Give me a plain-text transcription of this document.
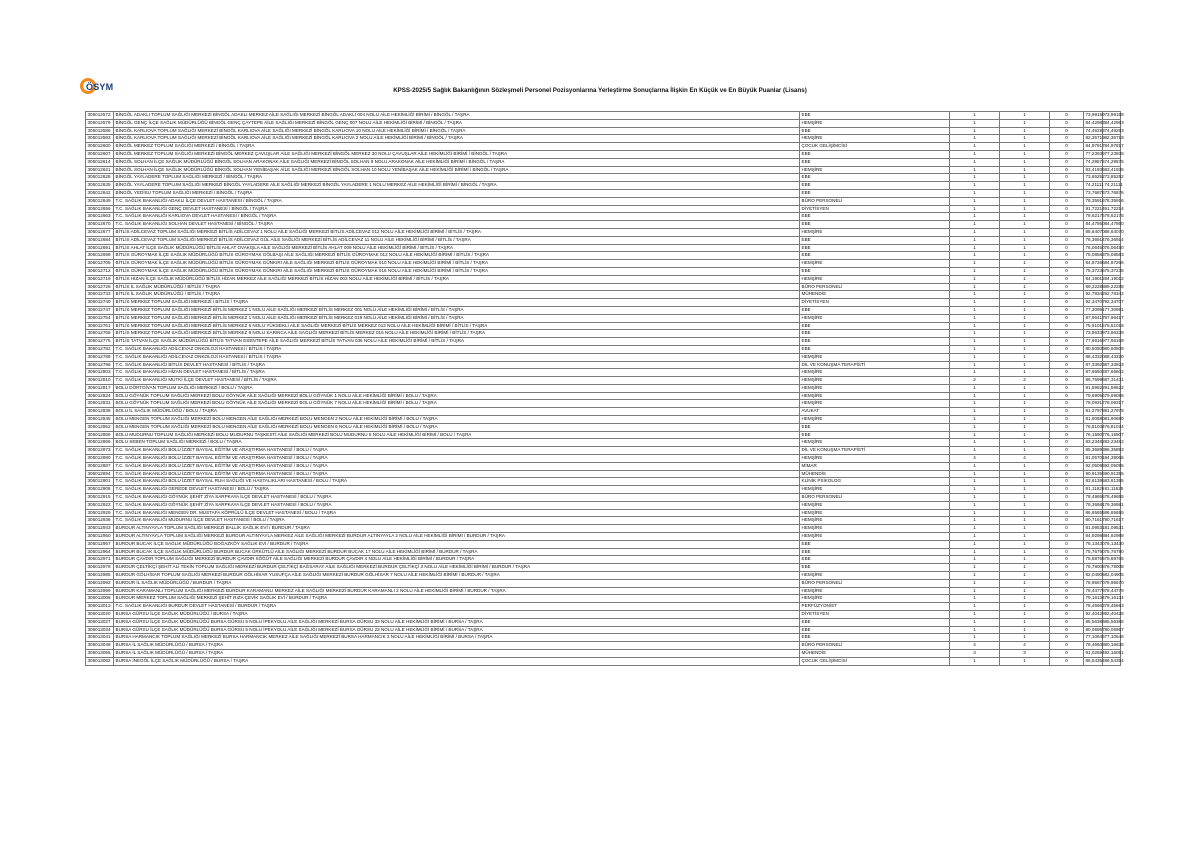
ÖSYM	KPSS-2025/5 Sağlık Bakanlığının Sözleşmeli Personel Pozisyonlarına Yerleştirme Sonuçlarına İlişkin En Küçük ve En Büyük Puanlar (Lisans)
305012572	BİNGÖL ADAKLI TOPLUM SAĞLIĞI MERKEZİ BİNGÖL ADAKLI MERKEZ AİLE SAĞLIĞI MERKEZİ BİNGÖL ADAKLI 004 NOLU AİLE HEKİMLİĞİ BİRİMİ / BİNGÖL / TAŞRA	EBE	1	1	0	73,99159	73,99159
305012579	BİNGÖL GENÇ İLÇE SAĞLIK MÜDÜRLÜĞÜ BİNGÖL GENÇ ÇAYTEPE AİLE SAĞLIĞI MERKEZİ BİNGÖL GENÇ 007 NOLU AİLE HEKİMLİĞİ BİRİMİ / BİNGÖL / TAŞRA	HEMŞİRE	1	1	0	84,42983	84,42983
305012586	BİNGÖL KARLIOVA TOPLUM SAĞLIĞI MERKEZİ BİNGÖL KARLIOVA AİLE SAĞLIĞI MERKEZİ BİNGÖL KARLIOVA 10 NOLU AİLE HEKİMLİĞİ BİRİMİ / BİNGÖL / TAŞRA	EBE	1	1	0	74,46293	74,46293
305012593	BİNGÖL KARLIOVA TOPLUM SAĞLIĞI MERKEZİ BİNGÖL KARLIOVA AİLE SAĞLIĞI MERKEZİ BİNGÖL KARLIOVA 2 NOLU AİLE HEKİMLİĞİ BİRİMİ / BİNGÖL / TAŞRA	HEMŞİRE	1	1	0	82,35719	82,35719
305012600	BİNGÖL MERKEZ TOPLUM SAĞLIĞI MERKEZİ / BİNGÖL / TAŞRA	ÇOCUK GELİŞİMCİSİ	1	1	0	84,97817	84,97817
305012607	BİNGÖL MERKEZ TOPLUM SAĞLIĞI MERKEZİ BİNGÖL MERKEZ ÇAVUŞLAR AİLE SAĞLIĞI MERKEZİ BİNGÖL MERKEZ 30 NOLU ÇAVUŞLAR AİLE HEKİMLİĞİ BİRİMİ / BİNGÖL / TAŞRA	EBE	1	1	0	77,23939	77,23939
305012614	BİNGÖL SOLHAN İLÇE SAĞLIK MÜDÜRLÜĞÜ BİNGÖL SOLHAN ARAKONAK AİLE SAĞLIĞI MERKEZİ BİNGÖL SOLHAN 9 NOLU ARAKONAK AİLE HEKİMLİĞİ BİRİMİ / BİNGÖL / TAŞRA	EBE	1	1	0	74,29575	74,29575
305012621	BİNGÖL SOLHAN İLÇE SAĞLIK MÜDÜRLÜĞÜ BİNGÖL SOLHAN YENİBAŞAK AİLE SAĞLIĞI MERKEZİ BİNGÖL SOLHAN 10 NOLU YENİBAŞAK AİLE HEKİMLİĞİ BİRİMİ / BİNGÖL / TAŞRA	HEMŞİRE	1	1	0	83,41935	83,41935
305012628	BİNGÖL YAYLADERE TOPLUM SAĞLIĞI MERKEZİ / BİNGÖL / TAŞRA	EBE	1	1	0	73,85252	73,85252
305012635	BİNGÖL YAYLADERE TOPLUM SAĞLIĞI MERKEZİ BİNGÖL YAYLADERE AİLE SAĞLIĞI MERKEZİ BİNGÖL YAYLADERE 1 NOLU MERKEZ AİLE HEKİMLİĞİ BİRİMİ / BİNGÖL / TAŞRA	EBE	1	1	0	74,21111	74,21111
305012642	BİNGÖL YEDİSU TOPLUM SAĞLIĞI MERKEZİ / BİNGÖL / TAŞRA	EBE	1	1	0	73,76876	73,76876
305012649	T.C. SAĞLIK BAKANLIĞI ADAKLI İLÇE DEVLET HASTANESİ / BİNGÖL / TAŞRA	BÜRO PERSONELİ	1	1	0	78,35916	78,35916
305012656	T.C. SAĞLIK BAKANLIĞI GENÇ DEVLET HASTANESİ / BİNGÖL / TAŞRA	DİYETİSYEN	1	1	0	91,72214	91,72214
305012663	T.C. SAĞLIK BAKANLIĞI KARLIOVA DEVLET HASTANESİ / BİNGÖL / TAŞRA	EBE	1	1	0	78,62175	78,62175
305012670	T.C. SAĞLIK BAKANLIĞI SOLHAN DEVLET HASTANESİ / BİNGÖL / TAŞRA	EBE	1	1	0	84,47860	84,47860
305012677	BİTLİS ADİLCEVAZ TOPLUM SAĞLIĞI MERKEZİ BİTLİS ADİLCEVAZ 1 NOLU AİLE SAĞLIĞI MERKEZİ BİTLİS ADİLCEVAZ 012 NOLU AİLE HEKİMLİĞİ BİRİMİ / BİTLİS / TAŞRA	HEMŞİRE	1	1	0	88,64070	88,64070
305012684	BİTLİS ADİLCEVAZ TOPLUM SAĞLIĞI MERKEZİ BİTLİS ADİLCEVAZ GÜL AİLE SAĞLIĞI MERKEZİ BİTLİS ADİLCEVAZ 11 NOLU AİLE HEKİMLİĞİ BİRİMİ / BİTLİS / TAŞRA	EBE	1	1	0	76,36914	76,36914
305012691	BİTLİS AHLAT İLÇE SAĞLIK MÜDÜRLÜĞÜ BİTLİS AHLAT OVAKIŞLA AİLE SAĞLIĞI MERKEZİ BİTLİS AHLAT 009 NOLU AİLE HEKİMLİĞİ BİRİMİ / BİTLİS / TAŞRA	EBE	1	1	0	76,06450	76,06450
305012698	BİTLİS GÜROYMAK İLÇE SAĞLIK MÜDÜRLÜĞÜ BİTLİS GÜROYMAK GÖLBAŞI AİLE SAĞLIĞI MERKEZİ BİTLİS GÜROYMAK 012 NOLU AİLE HEKİMLİĞİ BİRİMİ / BİTLİS / TAŞRA	EBE	1	1	0	75,08583	75,08583
305012705	BİTLİS GÜROYMAK İLÇE SAĞLIK MÜDÜRLÜĞÜ BİTLİS GÜROYMAK GÜNKIRI AİLE SAĞLIĞI MERKEZİ BİTLİS GÜROYMAK 010 NOLU AİLE HEKİMLİĞİ BİRİMİ / BİTLİS / TAŞRA	HEMŞİRE	1	1	0	84,87266	84,87266
305012712	BİTLİS GÜROYMAK İLÇE SAĞLIK MÜDÜRLÜĞÜ BİTLİS GÜROYMAK GÜNKIRI AİLE SAĞLIĞI MERKEZİ BİTLİS GÜROYMAK 016 NOLU AİLE HEKİMLİĞİ BİRİMİ / BİTLİS / TAŞRA	EBE	1	1	0	75,37236	75,37236
305012719	BİTLİS HİZAN İLÇE SAĞLIK MÜDÜRLÜĞÜ BİTLİS HİZAN MERKEZ AİLE SAĞLIĞI MERKEZİ BİTLİS HİZAN 003 NOLU AİLE HEKİMLİĞİ BİRİMİ / BİTLİS / TAŞRA	HEMŞİRE	1	1	0	84,19012	84,19012
305012726	BİTLİS İL SAĞLIK MÜDÜRLÜĞÜ / BİTLİS / TAŞRA	BÜRO PERSONELİ	1	1	0	89,22288	89,22288
305012733	BİTLİS İL SAĞLIK MÜDÜRLÜĞÜ / BİTLİS / TAŞRA	MÜHENDİS	1	1	0	92,78342	92,78342
305012740	BİTLİS MERKEZ TOPLUM SAĞLIĞI MERKEZİ / BİTLİS / TAŞRA	DİYETİSYEN	1	1	0	92,34707	92,34707
305012747	BİTLİS MERKEZ TOPLUM SAĞLIĞI MERKEZİ BİTLİS MERKEZ 1 NOLU AİLE SAĞLIĞI MERKEZİ BİTLİS MERKEZ 001 NOLU AİLE HEKİMLİĞİ BİRİMİ / BİTLİS / TAŞRA	EBE	1	1	0	77,30991	77,30991
305012754	BİTLİS MERKEZ TOPLUM SAĞLIĞI MERKEZİ BİTLİS MERKEZ 1 NOLU AİLE SAĞLIĞI MERKEZİ BİTLİS MERKEZ 019 NOLU AİLE HEKİMLİĞİ BİRİMİ / BİTLİS / TAŞRA	HEMŞİRE	1	1	0	87,96417	87,96417
305012761	BİTLİS MERKEZ TOPLUM SAĞLIĞI MERKEZİ BİTLİS MERKEZ 6 NOLU YÜKSEKLİ AİLE SAĞLIĞI MERKEZİ BİTLİS MERKEZ 013 NOLU AİLE HEKİMLİĞİ BİRİMİ / BİTLİS / TAŞRA	EBE	1	1	0	75,51015	75,51015
305012768	BİTLİS MERKEZ TOPLUM SAĞLIĞI MERKEZİ BİTLİS MERKEZ 8 NOLU KARINCA AİLE SAĞLIĞI MERKEZİ BİTLİS MERKEZ 015 NOLU AİLE HEKİMLİĞİ BİRİMİ / BİTLİS / TAŞRA	EBE	1	1	0	73,86339	73,86339
305012775	BİTLİS TATVAN İLÇE SAĞLIK MÜDÜRLÜĞÜ BİTLİS TATVAN ESENTEPE AİLE SAĞLIĞI MERKEZİ BİTLİS TATVAN 036 NOLU AİLE HEKİMLİĞİ BİRİMİ / BİTLİS / TAŞRA	EBE	1	1	0	77,66169	77,66169
305012782	T.C. SAĞLIK BAKANLIĞI ADİLCEVAZ ONKOLOJİ HASTANESİ / BİTLİS / TAŞRA	EBE	1	1	0	80,50509	80,50509
305012789	T.C. SAĞLIK BAKANLIĞI ADİLCEVAZ ONKOLOJİ HASTANESİ / BİTLİS / TAŞRA	HEMŞİRE	1	1	0	88,43320	88,43320
305012796	T.C. SAĞLIK BAKANLIĞI BİTLİS DEVLET HASTANESİ / BİTLİS / TAŞRA	DİL VE KONUŞMA TERAPİSTİ	1	1	0	87,33923	87,33923
305012803	T.C. SAĞLIK BAKANLIĞI HİZAN DEVLET HASTANESİ / BİTLİS / TAŞRA	HEMŞİRE	1	1	0	87,66602	87,66602
305012810	T.C. SAĞLIK BAKANLIĞI MUTKİ İLÇE DEVLET HASTANESİ / BİTLİS / TAŞRA	HEMŞİRE	2	2	0	86,76996	87,31431
305012817	BOLU DÖRTDİVAN TOPLUM SAĞLIĞI MERKEZİ / BOLU / TAŞRA	HEMŞİRE	1	1	0	91,59522	91,59522
305012824	BOLU GÖYNÜK TOPLUM SAĞLIĞI MERKEZİ BOLU GÖYNÜK AİLE SAĞLIĞI MERKEZİ BOLU GÖYNÜK 1 NOLU AİLE HEKİMLİĞİ BİRİMİ / BOLU / TAŞRA	HEMŞİRE	1	1	0	79,69056	79,69056
305012831	BOLU GÖYNÜK TOPLUM SAĞLIĞI MERKEZİ BOLU GÖYNÜK AİLE SAĞLIĞI MERKEZİ BOLU GÖYNÜK 7 NOLU AİLE HEKİMLİĞİ BİRİMİ / BOLU / TAŞRA	HEMŞİRE	1	1	0	78,09317	78,09317
305012838	BOLU İL SAĞLIK MÜDÜRLÜĞÜ / BOLU / TAŞRA	AVUKAT	1	1	0	91,27978	91,27978
305012845	BOLU MENGEN TOPLUM SAĞLIĞI MERKEZİ BOLU MENGEN AİLE SAĞLIĞI MERKEZİ BOLU MENGEN 2 NOLU AİLE HEKİMLİĞİ BİRİMİ / BOLU / TAŞRA	HEMŞİRE	1	1	0	81,90680	81,90680
305012852	BOLU MENGEN TOPLUM SAĞLIĞI MERKEZİ BOLU MENGEN AİLE SAĞLIĞI MERKEZİ BOLU MENGEN 6 NOLU AİLE HEKİMLİĞİ BİRİMİ / BOLU / TAŞRA	EBE	1	1	0	76,81034	76,81034
305012859	BOLU MUDURNU TOPLUM SAĞLIĞI MERKEZİ BOLU MUDURNU TAŞKESTİ AİLE SAĞLIĞI MERKEZİ BOLU MUDURNU 5 NOLU AİLE HEKİMLİĞİ BİRİMİ / BOLU / TAŞRA	EBE	1	1	0	76,15907	76,15907
305012866	BOLU SEBEN TOPLUM SAĞLIĞI MERKEZİ / BOLU / TAŞRA	HEMŞİRE	1	1	0	83,23482	83,23482
305012873	T.C. SAĞLIK BAKANLIĞI BOLU İZZET BAYSAL EĞİTİM VE ARAŞTIRMA HASTANESİ / BOLU / TAŞRA	DİL VE KONUŞMA TERAPİSTİ	1	1	0	85,35893	85,35893
305012880	T.C. SAĞLIK BAKANLIĞI BOLU İZZET BAYSAL EĞİTİM VE ARAŞTIRMA HASTANESİ / BOLU / TAŞRA	HEMŞİRE	4	4	0	81,05701	84,38066
305012887	T.C. SAĞLIK BAKANLIĞI BOLU İZZET BAYSAL EĞİTİM VE ARAŞTIRMA HASTANESİ / BOLU / TAŞRA	MİMAR	1	1	0	92,05095	92,05095
305012894	T.C. SAĞLIK BAKANLIĞI BOLU İZZET BAYSAL EĞİTİM VE ARAŞTIRMA HASTANESİ / BOLU / TAŞRA	MÜHENDİS	1	1	0	90,91355	90,91355
305012901	T.C. SAĞLIK BAKANLIĞI BOLU İZZET BAYSAL RUH SAĞLIĞI VE HASTALIKLARI HASTANESİ / BOLU / TAŞRA	KLİNİK PSİKOLOG	1	1	0	83,61395	83,61395
305012908	T.C. SAĞLIK BAKANLIĞI GEREDE DEVLET HASTANESİ / BOLU / TAŞRA	HEMŞİRE	1	1	0	81,11625	81,11625
305012915	T.C. SAĞLIK BAKANLIĞI GÖYNÜK ŞEHİT ZİYA SARPKAYA İLÇE DEVLET HASTANESİ / BOLU / TAŞRA	BÜRO PERSONELİ	1	1	0	78,49655	78,49655
305012922	T.C. SAĞLIK BAKANLIĞI GÖYNÜK ŞEHİT ZİYA SARPKAYA İLÇE DEVLET HASTANESİ / BOLU / TAŞRA	HEMŞİRE	1	1	0	79,36681	79,36681
305012929	T.C. SAĞLIK BAKANLIĞI MENGEN DR. MUSTAFA KÖPRÜLÜ İLÇE DEVLET HASTANESİ / BOLU / TAŞRA	HEMŞİRE	1	1	0	86,65655	86,65655
305012936	T.C. SAĞLIK BAKANLIĞI MUDURNU İLÇE DEVLET HASTANESİ / BOLU / TAŞRA	HEMŞİRE	1	1	0	80,71617	80,71617
305012943	BURDUR ALTINYAYLA TOPLUM SAĞLIĞI MERKEZİ BALLIK SAĞLIK EVİ / BURDUR / TAŞRA	HEMŞİRE	1	1	0	81,09531	81,09531
305012950	BURDUR ALTINYAYLA TOPLUM SAĞLIĞI MERKEZİ BURDUR ALTINYAYLA MERKEZ AİLE SAĞLIĞI MERKEZİ BURDUR ALTINYAYLA 2 NOLU AİLE HEKİMLİĞİ BİRİMİ / BURDUR / TAŞRA	HEMŞİRE	1	1	0	84,92988	84,92988
305012957	BURDUR BUCAK İLÇE SAĞLIK MÜDÜRLÜĞÜ BOĞAZKÖY SAĞLIK EVİ / BURDUR / TAŞRA	EBE	1	1	0	78,13430	78,13430
305012964	BURDUR BUCAK İLÇE SAĞLIK MÜDÜRLÜĞÜ BURDUR BUCAK ÜRKÜTLÜ AİLE SAĞLIĞI MERKEZİ BURDUR BUCAK 17 NOLU AİLE HEKİMLİĞİ BİRİMİ / BURDUR / TAŞRA	EBE	1	1	0	75,76790	75,76790
305012971	BURDUR ÇAVDIR TOPLUM SAĞLIĞI MERKEZİ BURDUR ÇAVDIR SÖĞÜT AİLE SAĞLIĞI MERKEZİ BURDUR ÇAVDIR 4 NOLU AİLE HEKİMLİĞİ BİRİMİ / BURDUR / TAŞRA	EBE	1	1	0	75,69765	75,69765
305012978	BURDUR ÇELTİKÇİ ŞEHİT ALİ TEKİN TOPLUM SAĞLIĞI MERKEZİ BURDUR ÇELTİKÇİ BAĞSARAY AİLE SAĞLIĞI MERKEZİ BURDUR ÇELTİKÇİ 3 NOLU AİLE HEKİMLİĞİ BİRİMİ / BURDUR / TAŞRA	EBE	1	1	0	76,78008	76,78008
305012985	BURDUR GÖLHİSAR TOPLUM SAĞLIĞI MERKEZİ BURDUR GÖLHİSAR YUSUFÇA AİLE SAĞLIĞI MERKEZİ BURDUR GÖLHİSAR 7 NOLU AİLE HEKİMLİĞİ BİRİMİ / BURDUR / TAŞRA	HEMŞİRE	1	1	0	82,04905	82,04905
305012992	BURDUR İL SAĞLIK MÜDÜRLÜĞÜ / BURDUR / TAŞRA	BÜRO PERSONELİ	1	1	0	78,95670	78,95670
305012999	BURDUR KARAMANLI TOPLUM SAĞLIĞI MERKEZİ BURDUR KARAMANLI MERKEZ AİLE SAĞLIĞI MERKEZİ BURDUR KARAMANLI 2 NOLU AİLE HEKİMLİĞİ BİRİMİ / BURDUR / TAŞRA	HEMŞİRE	1	1	0	78,44779	78,44779
305013006	BURDUR MERKEZ TOPLUM SAĞLIĞI MERKEZİ ŞEHİT RIZA ÇEVİK SAĞLIK EVİ / BURDUR / TAŞRA	HEMŞİRE	1	1	0	79,16134	79,16134
305013013	T.C. SAĞLIK BAKANLIĞI BURDUR DEVLET HASTANESİ / BURDUR / TAŞRA	PERFÜZYONİST	1	1	0	78,45663	78,45663
305013020	BURSA GÜRSU İLÇE SAĞLIK MÜDÜRLÜĞÜ / BURSA / TAŞRA	DİYETİSYEN	1	1	0	92,40428	92,40428
305013027	BURSA GÜRSU İLÇE SAĞLIK MÜDÜRLÜĞÜ BURSA GÜRSU 5 NOLU İPEKYOLU AİLE SAĞLIĞI MERKEZİ BURSA GÜRSU 33 NOLU AİLE HEKİMLİĞİ BİRİMİ / BURSA / TAŞRA	EBE	1	1	0	85,56386	85,56386
305013034	BURSA GÜRSU İLÇE SAĞLIK MÜDÜRLÜĞÜ BURSA GÜRSU 5 NOLU İPEKYOLU AİLE SAĞLIĞI MERKEZİ BURSA GÜRSU 23 NOLU AİLE HEKİMLİĞİ BİRİMİ / BURSA / TAŞRA	EBE	1	1	0	80,05957	80,05957
305013041	BURSA HARMANCIK TOPLUM SAĞLIĞI MERKEZİ BURSA HARMANCIK MERKEZ AİLE SAĞLIĞI MERKEZİ BURSA HARMANCIK 3 NOLU AİLE HEKİMLİĞİ BİRİMİ / BURSA / TAŞRA	EBE	1	1	0	77,10646	77,10646
305013048	BURSA İL SAĞLIK MÜDÜRLÜĞÜ / BURSA / TAŞRA	BÜRO PERSONELİ	4	4	0	78,46608	80,16635
305013055	BURSA İL SAĞLIK MÜDÜRLÜĞÜ / BURSA / TAŞRA	MÜHENDİS	3	3	0	91,02594	92,16051
305013062	BURSA İNEGÖL İLÇE SAĞLIK MÜDÜRLÜĞÜ / BURSA / TAŞRA	ÇOCUK GELİŞİMCİSİ	1	1	0	86,54354	86,54354
